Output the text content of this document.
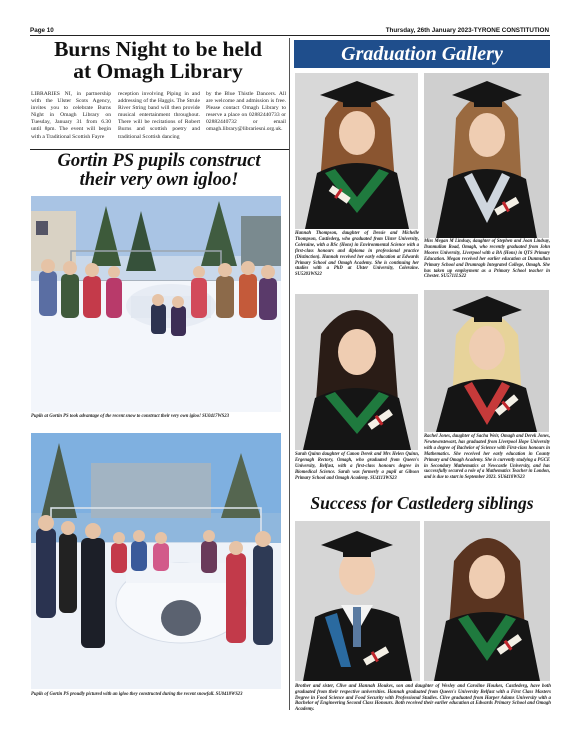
Page 10	Thursday, 26th January 2023-TYRONE CONSTITUTION
Burns Night to be held
at Omagh Library
LIBRARIES NI, in partnership with the Ulster Scots Agency, invites you to celebrate Burns Night in Omagh Library on Tuesday, January 31 from 6.30 until 8pm. The event will begin with a Traditional Scottish Fayre
reception involving Piping in and addressing of the Haggis. The Strule River String band will then provide musical entertainment throughout. There will be recitations of Robert Burns and scottish poetry and traditional Scottish dancing
by the Blue Thistle Dancers. All are welcome and admission is free. Please contact Omagh Library to reserve a place on 02882440733 or 02882440732 or email omagh.library@librariesni.org.uk.
Gortin PS pupils construct
their very own igloo!
Pupils at Gortin PS took advantage of the recent snow to construct their very own igloo! SU0417WS23
Pupils of Gortin PS proudly pictured with an igloo they constructed during the recent snowfall. SU0418WS23
Graduation Gallery
Hannah Thompson, daughter of Dessie and Michelle Thompson, Castlederg, who graduated from Ulster University, Coleraine, with a BSc (Hons) in Environmental Science with a first-class honours and diploma in professional practice (Distinction). Hannah received her early education at Edwards Primary School and Omagh Academy. She is continuing her studies with a PhD at Ulster University, Coleraine. SU5203WS22
Miss Megan M Lindsay, daughter of Stephen and Joan Lindsay, Dunmullan Road, Omagh, who recently graduated from John Moores University, Liverpool with a BA (Hons) in QTS Primary Education. Megan received her earlier education at Dunmullan Primary School and Drumragh Integrated College, Omagh. She has taken up employment as a Primary School teacher in Chester. SU5711LS22
Sarah Quinn daughter of Canon Derek and Mrs Helen Quinn, Ergenagh Rectory, Omagh, who graduated from Queen's University, Belfast, with a first-class honours degree in Biomedical Science. Sarah was formerly a pupil at Gibson Primary School and Omagh Academy. SU4113WS23
Rachel Jones, daughter of Sacha Weir, Omagh and Derek Jones, Newtownstewart, has graduated from Liverpool Hope University with a degree of Bachelor of Science with First-class honours in Mathematics. She received her early education in County Primary and Omagh Academy. She is currently studying a PGCE in Secondary Mathematics at Newcastle University, and has successfully secured a role of a Mathematics Teacher in London, and is due to start in September 2023. SU6410WS23
Success for Castlederg siblings
Brother and sister, Clive and Hannah Houkes, son and daughter of Wesley and Caroline Houkes, Castlederg, have both graduated from their respective universities. Hannah graduated from Queen's University Belfast with a First Class Masters Degree in Food Science and Food Security with Professional Studies. Clive graduated from Harper Adams University with a Bachelor of Engineering Second Class Honours. Both received their earlier education at Edwards Primary School and Omagh Academy.
